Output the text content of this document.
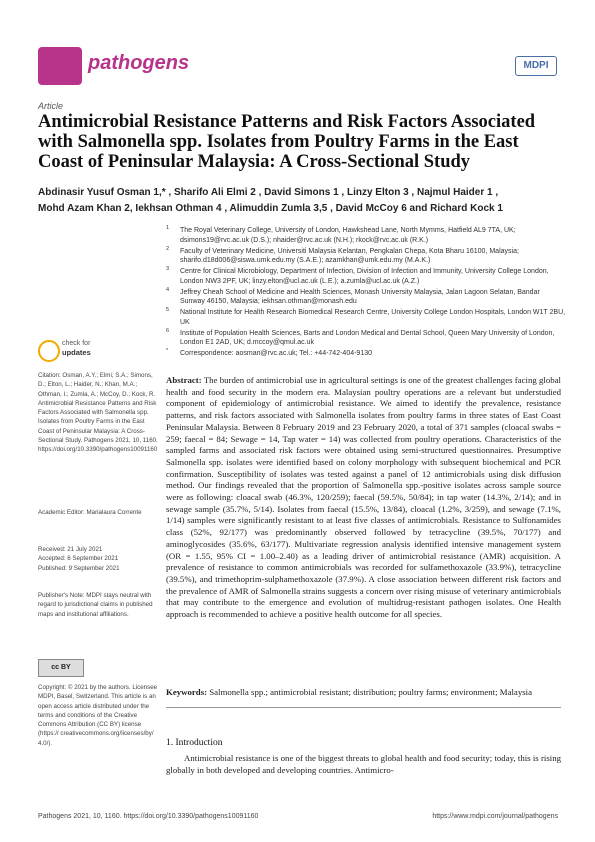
pathogens	MDPI
Article
Antimicrobial Resistance Patterns and Risk Factors Associated with Salmonella spp. Isolates from Poultry Farms in the East Coast of Peninsular Malaysia: A Cross-Sectional Study
Abdinasir Yusuf Osman 1,* , Sharifo Ali Elmi 2 , David Simons 1 , Linzy Elton 3 , Najmul Haider 1 ,
Mohd Azam Khan 2, Iekhsan Othman 4 , Alimuddin Zumla 3,5 , David McCoy 6 and Richard Kock 1
1 The Royal Veterinary College, University of London, Hawkshead Lane, North Mymms, Hatfield AL9 7TA, UK; dsimons19@rvc.ac.uk (D.S.); nhaider@rvc.ac.uk (N.H.); rkock@rvc.ac.uk (R.K.)
2 Faculty of Veterinary Medicine, Universiti Malaysia Kelantan, Pengkalan Chepa, Kota Bharu 16100, Malaysia; sharifo.d18d006@siswa.umk.edu.my (S.A.E.); azamkhan@umk.edu.my (M.A.K.)
3 Centre for Clinical Microbiology, Department of Infection, Division of Infection and Immunity, University College London, London NW3 2PF, UK; linzy.elton@ucl.ac.uk (L.E.); a.zumla@ucl.ac.uk (A.Z.)
4 Jeffrey Cheah School of Medicine and Health Sciences, Monash University Malaysia, Jalan Lagoon Selatan, Bandar Sunway 46150, Malaysia; iekhsan.othman@monash.edu
5 National Institute for Health Research Biomedical Research Centre, University College London Hospitals, London W1T 2BU, UK
6 Institute of Population Health Sciences, Barts and London Medical and Dental School, Queen Mary University of London, London E1 2AD, UK; d.mccoy@qmul.ac.uk
* Correspondence: aosman@rvc.ac.uk; Tel.: +44-742-404-9130
check for
updates
Citation: Osman, A.Y.; Elmi, S.A.; Simons, D.; Elton, L.; Haider, N.; Khan, M.A.; Othman, I.; Zumla, A.; McCoy, D.; Kock, R. Antimicrobial Resistance Patterns and Risk Factors Associated with Salmonella spp. Isolates from Poultry Farms in the East Coast of Peninsular Malaysia: A Cross-Sectional Study. Pathogens 2021, 10, 1160. https://doi.org/10.3390/pathogens10091160
Academic Editor: Marialaura Corrente
Received: 21 July 2021
Accepted: 6 September 2021
Published: 9 September 2021
Publisher's Note: MDPI stays neutral with regard to jurisdictional claims in published maps and institutional affiliations.
cc BY
Copyright: © 2021 by the authors. Licensee MDPI, Basel, Switzerland. This article is an open access article distributed under the terms and conditions of the Creative Commons Attribution (CC BY) license (https:// creativecommons.org/licenses/by/ 4.0/).
Abstract: The burden of antimicrobial use in agricultural settings is one of the greatest challenges facing global health and food security in the modern era. Malaysian poultry operations are a relevant but understudied component of epidemiology of antimicrobial resistance. We aimed to identify the prevalence, resistance patterns, and risk factors associated with Salmonella isolates from poultry farms in three states of East Coast Peninsular Malaysia. Between 8 February 2019 and 23 February 2020, a total of 371 samples (cloacal swabs = 259; faecal = 84; Sewage = 14, Tap water = 14) was collected from poultry operations. Characteristics of the sampled farms and associated risk factors were obtained using semi-structured questionnaires. Presumptive Salmonella spp. isolates were identified based on colony morphology with subsequent biochemical and PCR confirmation. Susceptibility of isolates was tested against a panel of 12 antimicrobials using disk diffusion method. Our findings revealed that the proportion of Salmonella spp.-positive isolates across sample source were as following: cloacal swab (46.3%, 120/259); faecal (59.5%, 50/84); in tap water (14.3%, 2/14); and in sewage sample (35.7%, 5/14). Isolates from faecal (15.5%, 13/84), cloacal (1.2%, 3/259), and sewage (7.1%, 1/14) samples were significantly resistant to at least five classes of antimicrobials. Resistance to Sulfonamides class (52%, 92/177) was predominantly observed followed by tetracycline (39.5%, 70/177) and aminoglycosides (35.6%, 63/177). Multivariate regression analysis identified intensive management system (OR = 1.55, 95% CI = 1.00–2.40) as a leading driver of antimicrobial resistance (AMR) acquisition. A prevalence of resistance to common antimicrobials was recorded for sulfamethoxazole (33.9%), tetracycline (39.5%), and trimethoprim-sulphamethoxazole (37.9%). A close association between different risk factors and the prevalence of AMR of Salmonella strains suggests a concern over rising misuse of veterinary antimicrobials that may contribute to the emergence and evolution of multidrug-resistant pathogen isolates. One Health approach is recommended to achieve a positive health outcome for all species.
Keywords: Salmonella spp.; antimicrobial resistant; distribution; poultry farms; environment; Malaysia
1. Introduction
Antimicrobial resistance is one of the biggest threats to global health and food security; today, this is rising globally in both developed and developing countries. Antimicro-
Pathogens 2021, 10, 1160. https://doi.org/10.3390/pathogens10091160	https://www.mdpi.com/journal/pathogens
